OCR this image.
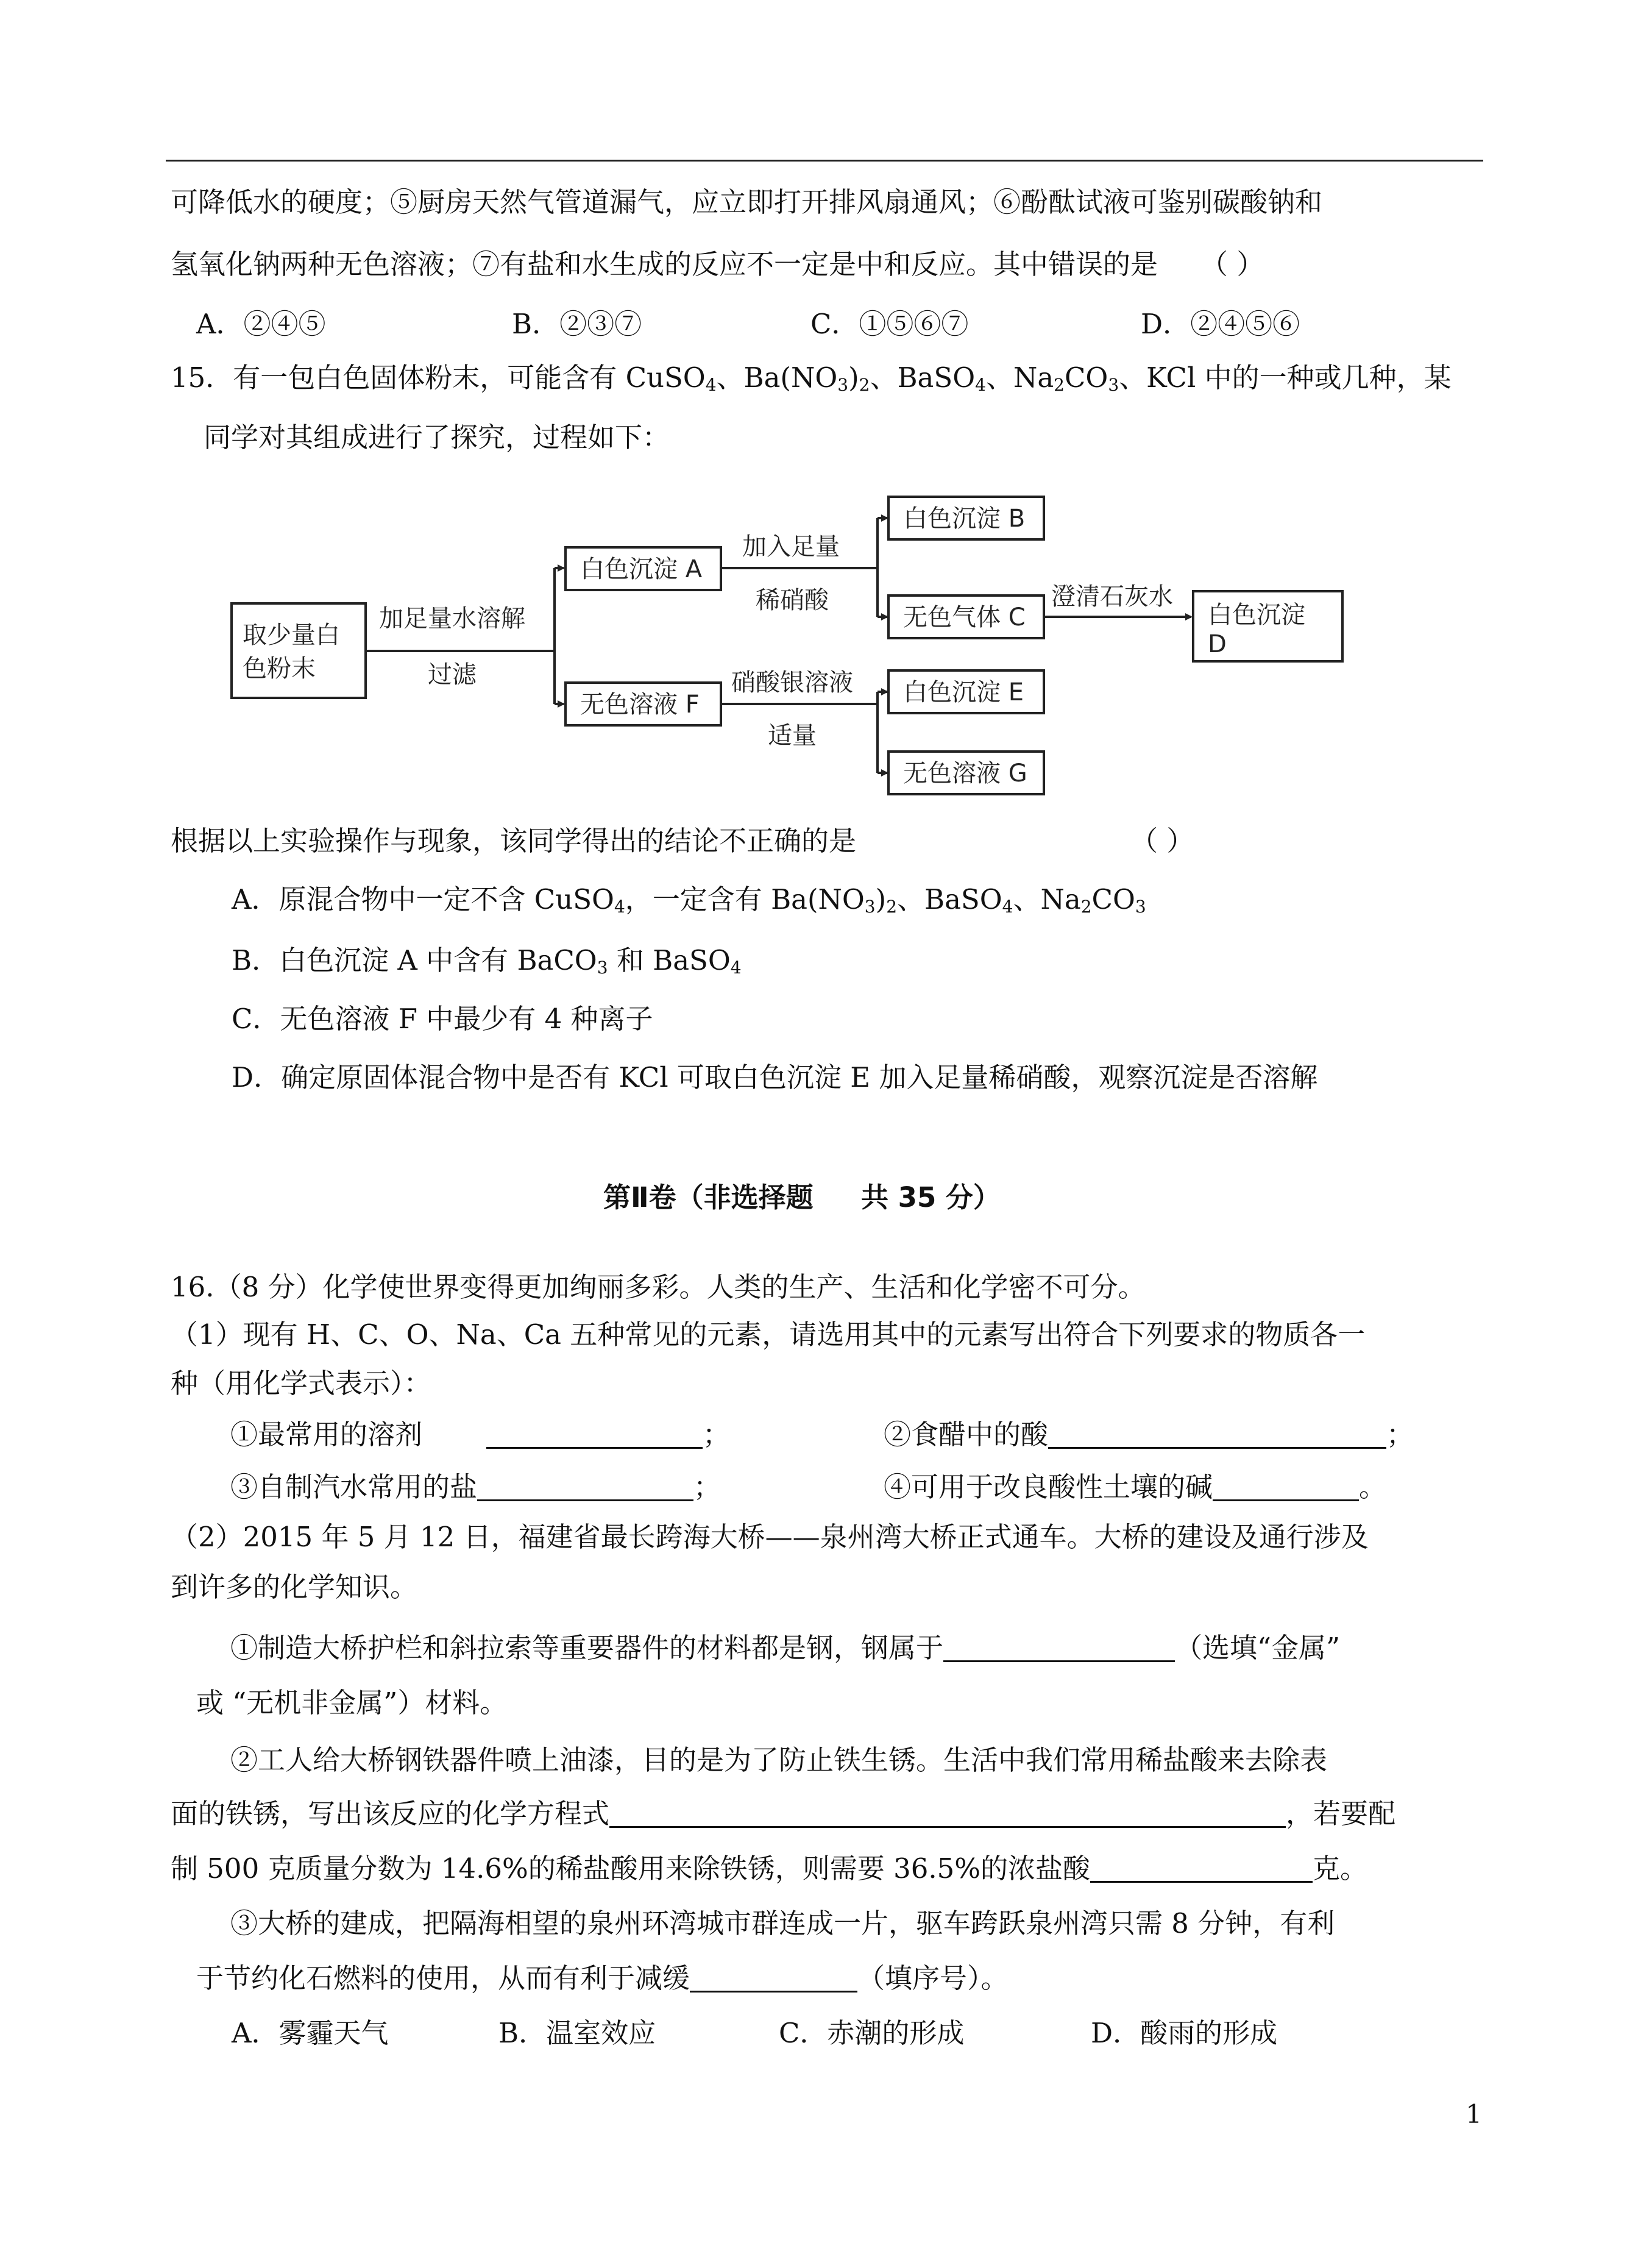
可降低水的硬度；⑤厨房天然气管道漏气，应立即打开排风扇通风；⑥酚酞试液可鉴别碳酸钠和
氢氧化钠两种无色溶液；⑦有盐和水生成的反应不一定是中和反应。其中错误的是 （ ）
A．②④⑤	B．②③⑦	C．①⑤⑥⑦	D．②④⑤⑥
15．有一包白色固体粉末，可能含有 CuSO$_4$、$Ba(NO_3)_2$、BaSO$_4$、$Na_2CO_3$、KCl 中的一种或几种，某
同学对其组成进行了探究，过程如下：
取少量白
色粉末
加足量水溶解
过滤
白色沉淀 A
无色溶液 F
加入足量
稀硝酸
硝酸银溶液
适量
白色沉淀 B
无色气体 C
白色沉淀 E
无色溶液 G
澄清石灰水
白色沉淀
D
根据以上实验操作与现象，该同学得出的结论不正确的是	（ ）
A．原混合物中一定不含 CuSO$_4$，一定含有 $Ba(NO_3)_2$、BaSO$_4$、$Na_2CO_3$
B．白色沉淀 A 中含有 BaCO$_3$ 和 BaSO$_4$
C．无色溶液 F 中最少有 4 种离子
D．确定原固体混合物中是否有 KCl 可取白色沉淀 E 加入足量稀硝酸，观察沉淀是否溶解
第Ⅱ卷（非选择题     共 35 分）
16.（8 分）化学使世界变得更加绚丽多彩。人类的生产、生活和化学密不可分。
（1）现有 H、C、O、Na、Ca 五种常见的元素，请选用其中的元素写出符合下列要求的物质各一
种（用化学式表示）：
①最常用的溶剂	；	②食醋中的酸	；
③自制汽水常用的盐	；	④可用于改良酸性土壤的碱	。
（2）2015 年 5 月 12 日，福建省最长跨海大桥——泉州湾大桥正式通车。大桥的建设及通行涉及
到许多的化学知识。
①制造大桥护栏和斜拉索等重要器件的材料都是钢，钢属于	（选填“金属”
或 “无机非金属”）材料。
②工人给大桥钢铁器件喷上油漆，目的是为了防止铁生锈。生活中我们常用稀盐酸来去除表
面的铁锈，写出该反应的化学方程式	，若要配
制 500 克质量分数为 14.6%的稀盐酸用来除铁锈，则需要 36.5%的浓盐酸	克。
③大桥的建成，把隔海相望的泉州环湾城市群连成一片，驱车跨跃泉州湾只需 8 分钟，有利
于节约化石燃料的使用，从而有利于减缓	（填序号）。
A．雾霾天气	B．温室效应	C．赤潮的形成	D．酸雨的形成
1
